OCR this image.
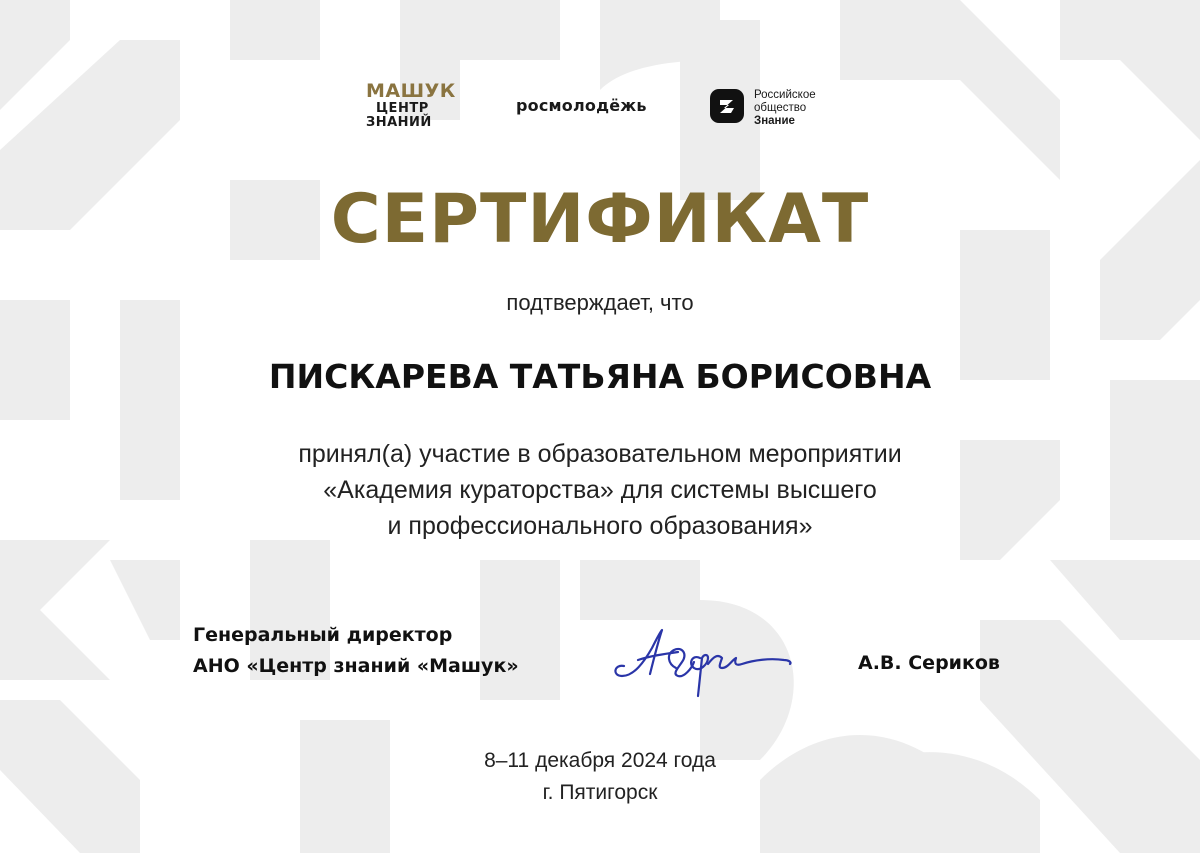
МАШУК
ЦЕНТР
ЗНАНИЙ
росмолодёжь
Российское
общество
Знание
СЕРТИФИКАТ
подтверждает, что
ПИСКАРЕВА ТАТЬЯНА БОРИСОВНА
принял(а) участие в образовательном мероприятии
«Академия кураторства» для системы высшего
и профессионального образования»
Генеральный директор
АНО «Центр знаний «Машук»	А.В. Сериков
8–11 декабря 2024 года
г. Пятигорск
